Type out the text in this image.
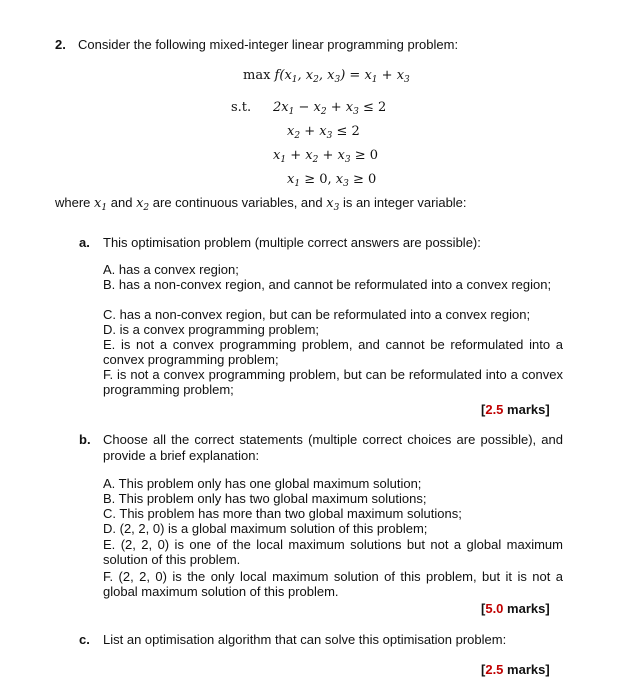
2. Consider the following mixed-integer linear programming problem:
$\max f(x_1$, $x_2$, $x_3) = x_1 + x_3$
s.t. $2x_1 - x_2 + x_3 \le 2$
$x_2 + x_3 \le 2$
$x_1 + x_2 + x_3 \ge 0$
$x_1 \ge 0$, $x_3 \ge 0$
where $x_1$ and $x_2$ are continuous variables, and $x_3$ is an integer variable:
a. This optimisation problem (multiple correct answers are possible):
A. has a convex region;
B. has a non-convex region, and cannot be reformulated into a convex region;
C. has a non-convex region, but can be reformulated into a convex region;
D. is a convex programming problem;
E. is not a convex programming problem, and cannot be reformulated into a convex programming problem;
F. is not a convex programming problem, but can be reformulated into a convex programming problem;
[2.5 marks]
b. Choose all the correct statements (multiple correct choices are possible), and provide a brief explanation:
A. This problem only has one global maximum solution;
B. This problem only has two global maximum solutions;
C. This problem has more than two global maximum solutions;
D. (2, 2, 0) is a global maximum solution of this problem;
E. (2, 2, 0) is one of the local maximum solutions but not a global maximum solution of this problem.
F. (2, 2, 0) is the only local maximum solution of this problem, but it is not a global maximum solution of this problem.
[5.0 marks]
c. List an optimisation algorithm that can solve this optimisation problem:
[2.5 marks]
